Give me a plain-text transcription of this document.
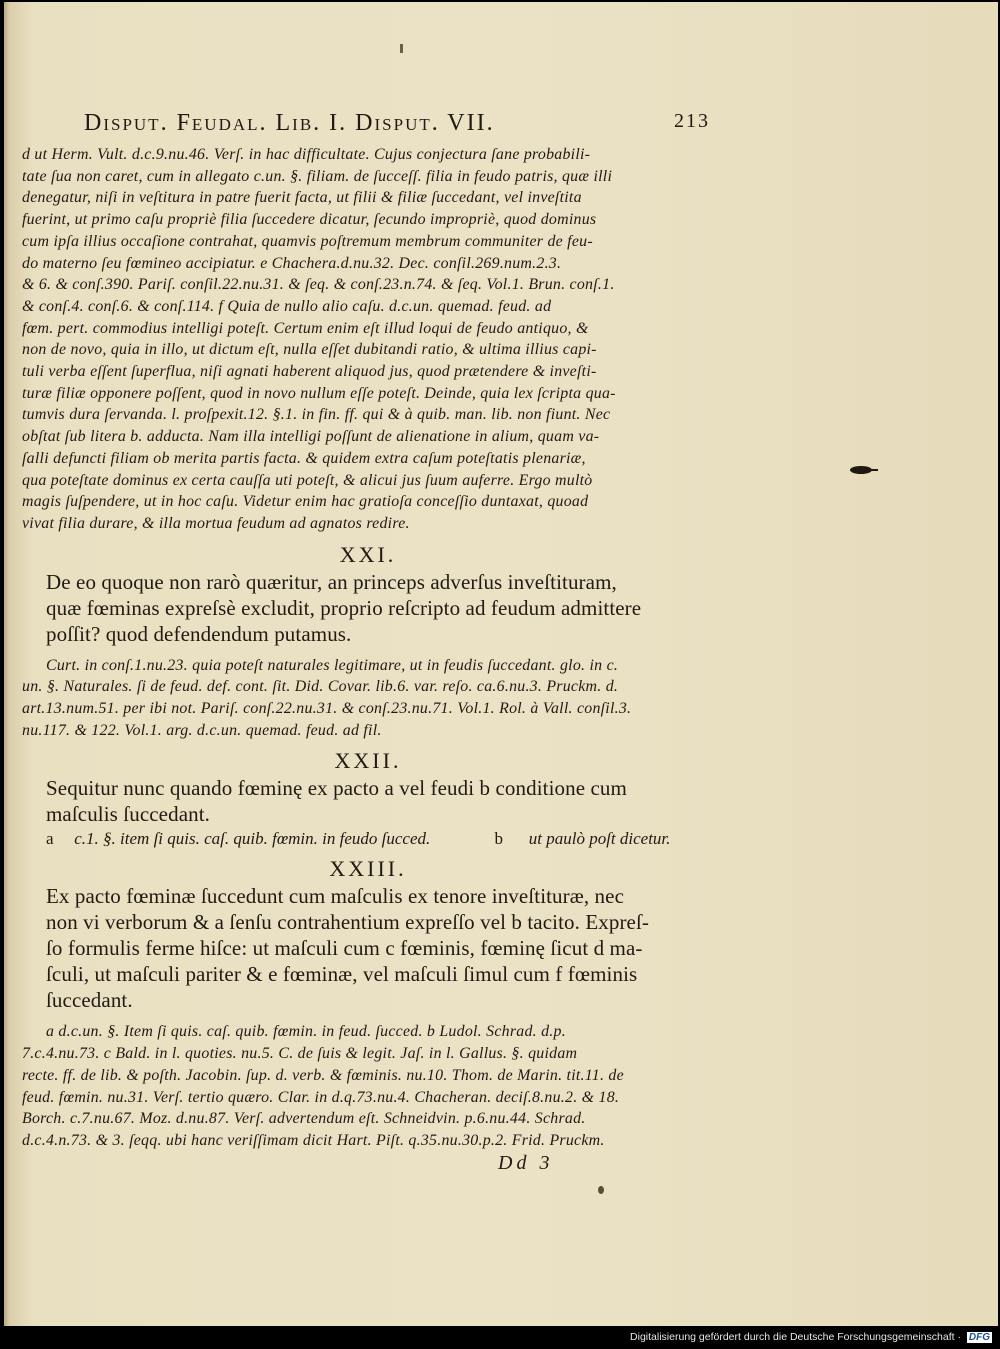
Disput. Feudal. Lib. I. Disput. VII.	213

d ut Herm. Vult. d.c.9.nu.46. Verſ. in hac difficultate. Cujus conjectura ſane probabili-

tate ſua non caret, cum in allegato c.un. §. filiam. de ſucceſſ. filia in feudo patris, quæ illi

denegatur, niſi in veſtitura in patre fuerit facta, ut filii & filiæ ſuccedant, vel inveſtita

fuerint, ut primo caſu propriè filia ſuccedere dicatur, ſecundo impropriè, quod dominus

cum ipſa illius occaſione contrahat, quamvis poſtremum membrum communiter de feu-

do materno ſeu fœmineo accipiatur. e Chachera.d.nu.32. Dec. conſil.269.num.2.3.

& 6. & conſ.390. Pariſ. conſil.22.nu.31. & ſeq. & conſ.23.n.74. & ſeq. Vol.1. Brun. conſ.1.

& conſ.4. conſ.6. & conſ.114. f Quia de nullo alio caſu. d.c.un. quemad. feud. ad

fœm. pert. commodius intelligi poteſt. Certum enim eſt illud loqui de feudo antiquo, &

non de novo, quia in illo, ut dictum eſt, nulla eſſet dubitandi ratio, & ultima illius capi-

tuli verba eſſent ſuperflua, niſi agnati haberent aliquod jus, quod prætendere & inveſti-

turæ filiæ opponere poſſent, quod in novo nullum eſſe poteſt. Deinde, quia lex ſcripta qua-

tumvis dura ſervanda. l. proſpexit.12. §.1. in fin. ff. qui & à quib. man. lib. non fiunt. Nec

obſtat ſub litera b. adducta. Nam illa intelligi poſſunt de alienatione in alium, quam va-

ſalli defuncti filiam ob merita partis facta. & quidem extra caſum poteſtatis plenariæ,

qua poteſtate dominus ex certa cauſſa uti poteſt, & alicui jus ſuum auferre. Ergo multò

magis ſuſpendere, ut in hoc caſu. Videtur enim hac gratioſa conceſſio duntaxat, quoad

vivat filia durare, & illa mortua feudum ad agnatos redire.

XXI.

De eo quoque non rarò quæritur, an princeps adverſus inveſtituram,

quæ fœminas expreſsè excludit, proprio reſcripto ad feudum admittere

poſſit? quod defendendum putamus.

Curt. in conſ.1.nu.23. quia poteſt naturales legitimare, ut in feudis ſuccedant. glo. in c.

un. §. Naturales. ſi de feud. def. cont. ſit. Did. Covar. lib.6. var. reſo. ca.6.nu.3. Pruckm. d.

art.13.num.51. per ibi not. Pariſ. conſ.22.nu.31. & conſ.23.nu.71. Vol.1. Rol. à Vall. conſil.3.

nu.117. & 122. Vol.1. arg. d.c.un. quemad. feud. ad fil.

XXII.

Sequitur nunc quando fœminę ex pacto a vel feudi b conditione cum

maſculis ſuccedant.

a c.1. §. item ſi quis. caſ. quib. fœmin. in feudo ſucced.	b ut paulò poſt dicetur.

XXIII.

Ex pacto fœminæ ſuccedunt cum maſculis ex tenore inveſtituræ, nec

non vi verborum & a ſenſu contrahentium expreſſo vel b tacito. Expreſ-

ſo formulis ferme hiſce: ut maſculi cum c fœminis, fœminę ſicut d ma-

ſculi, ut maſculi pariter & e fœminæ, vel maſculi ſimul cum f fœminis

ſuccedant.

a d.c.un. §. Item ſi quis. caſ. quib. fœmin. in feud. ſucced. b Ludol. Schrad. d.p.

7.c.4.nu.73. c Bald. in l. quoties. nu.5. C. de ſuis & legit. Jaſ. in l. Gallus. §. quidam

recte. ff. de lib. & poſth. Jacobin. ſup. d. verb. & fœminis. nu.10. Thom. de Marin. tit.11. de

feud. fœmin. nu.31. Verſ. tertio quæro. Clar. in d.q.73.nu.4. Chacheran. deciſ.8.nu.2. & 18.

Borch. c.7.nu.67. Moz. d.nu.87. Verſ. advertendum eſt. Schneidvin. p.6.nu.44. Schrad.

d.c.4.n.73. & 3. ſeqq. ubi hanc veriſſimam dicit Hart. Piſt. q.35.nu.30.p.2. Frid. Pruckm.

Dd 3
Digitalisierung gefördert durch die Deutsche Forschungsgemeinschaft · DFG
